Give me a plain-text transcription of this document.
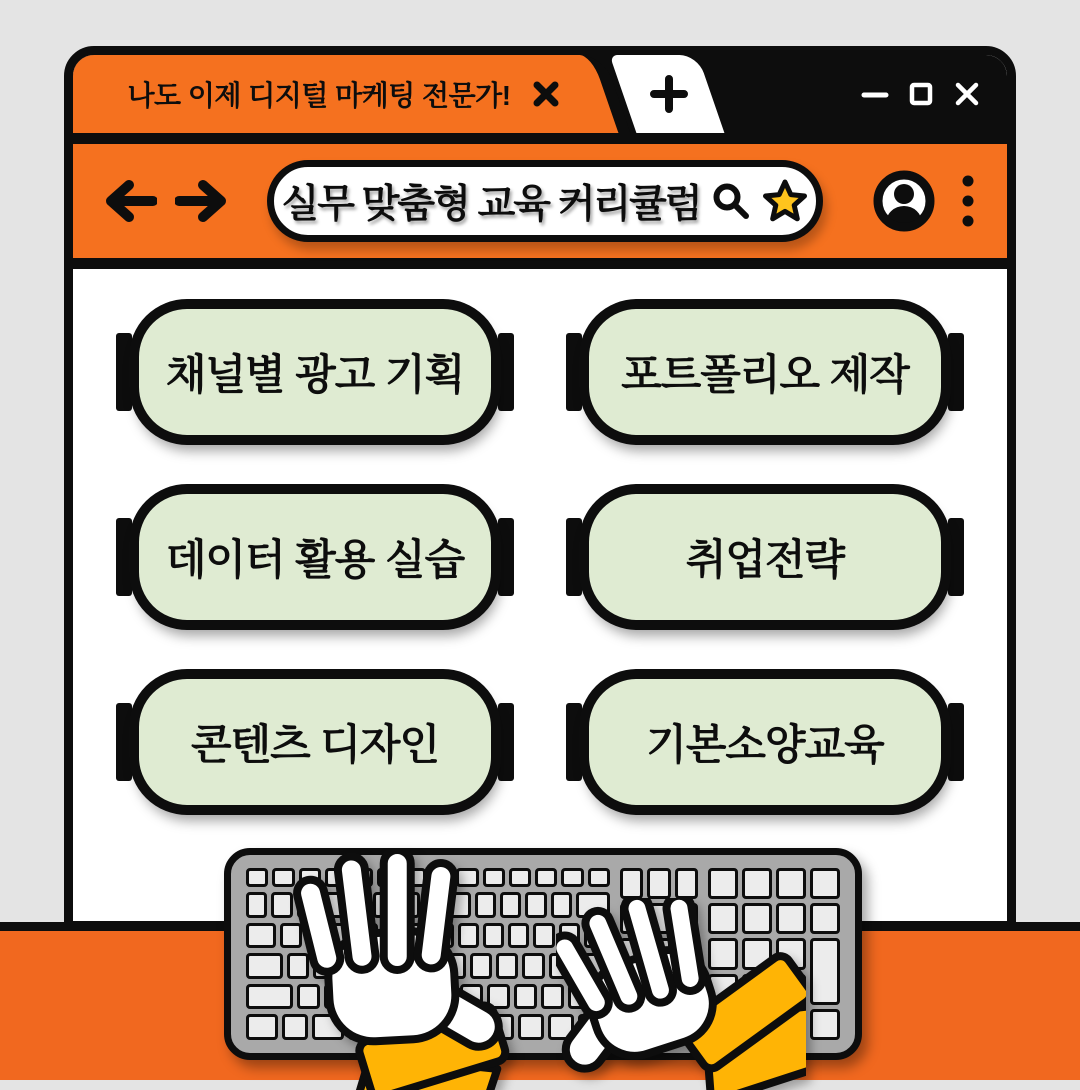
나도 이제 디지털 마케팅 전문가!
실무 맞춤형 교육 커리큘럼
채널별 광고 기획	포트폴리오 제작
데이터 활용 실습	취업전략
콘텐츠 디자인	기본소양교육
